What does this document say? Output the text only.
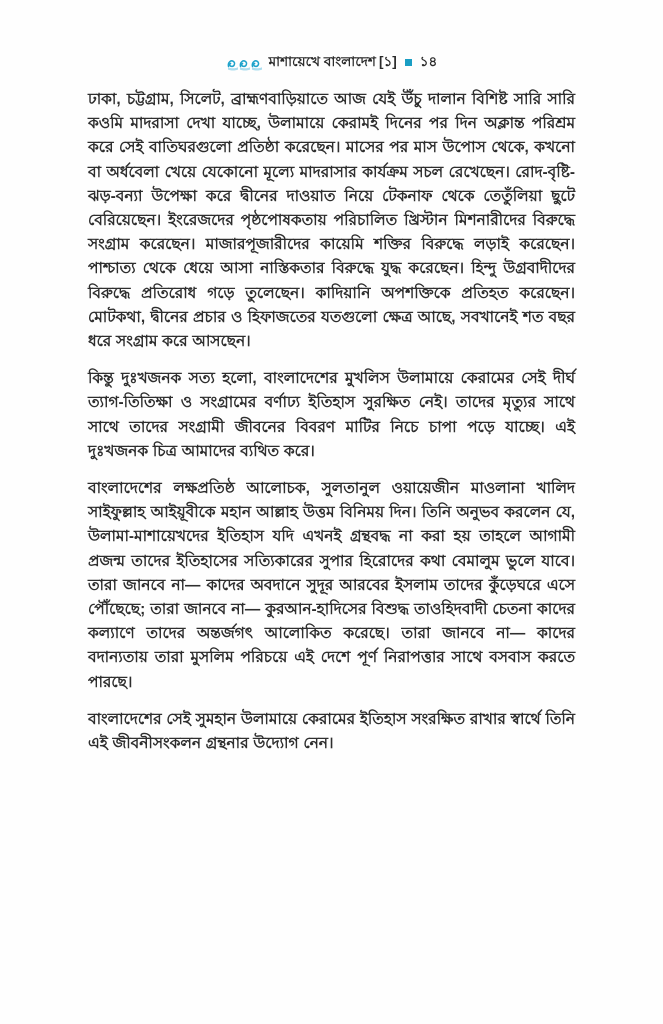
মাশায়েখে বাংলাদেশ [১] ১৪

ঢাকা, চট্টগ্রাম, সিলেট, ব্রাহ্মণবাড়িয়াতে আজ যেই উঁচু দালান বিশিষ্ট সারি সারি কওমি মাদরাসা দেখা যাচ্ছে, উলামায়ে কেরামই দিনের পর দিন অক্লান্ত পরিশ্রম করে সেই বাতিঘরগুলো প্রতিষ্ঠা করেছেন। মাসের পর মাস উপোস থেকে, কখনো বা অর্ধবেলা খেয়ে যেকোনো মূল্যে মাদরাসার কার্যক্রম সচল রেখেছেন। রোদ-বৃষ্টি-ঝড়-বন্যা উপেক্ষা করে দ্বীনের দাওয়াত নিয়ে টেকনাফ থেকে তেতুঁলিয়া ছুটে বেরিয়েছেন। ইংরেজদের পৃষ্ঠপোষকতায় পরিচালিত খ্রিস্টান মিশনারীদের বিরুদ্ধে সংগ্রাম করেছেন। মাজারপূজারীদের কায়েমি শক্তির বিরুদ্ধে লড়াই করেছেন। পাশ্চাত্য থেকে ধেয়ে আসা নাস্তিকতার বিরুদ্ধে যুদ্ধ করেছেন। হিন্দু উগ্রবাদীদের বিরুদ্ধে প্রতিরোধ গড়ে তুলেছেন। কাদিয়ানি অপশক্তিকে প্রতিহত করেছেন। মোটকথা, দ্বীনের প্রচার ও হিফাজতের যতগুলো ক্ষেত্র আছে, সবখানেই শত বছর ধরে সংগ্রাম করে আসছেন।

কিন্তু দুঃখজনক সত্য হলো, বাংলাদেশের মুখলিস উলামায়ে কেরামের সেই দীর্ঘ ত্যাগ-তিতিক্ষা ও সংগ্রামের বর্ণাঢ্য ইতিহাস সুরক্ষিত নেই। তাদের মৃত্যুর সাথে সাথে তাদের সংগ্রামী জীবনের বিবরণ মাটির নিচে চাপা পড়ে যাচ্ছে। এই দুঃখজনক চিত্র আমাদের ব্যথিত করে।

বাংলাদেশের লক্ষপ্রতিষ্ঠ আলোচক, সুলতানুল ওয়ায়েজীন মাওলানা খালিদ সাইফুল্লাহ আইয়ূবীকে মহান আল্লাহ উত্তম বিনিময় দিন। তিনি অনুভব করলেন যে, উলামা-মাশায়েখদের ইতিহাস যদি এখনই গ্রন্থবদ্ধ না করা হয় তাহলে আগামী প্রজন্ম তাদের ইতিহাসের সত্যিকারের সুপার হিরোদের কথা বেমালুম ভুলে যাবে। তারা জানবে না— কাদের অবদানে সুদূর আরবের ইসলাম তাদের কুঁড়েঘরে এসে পৌঁছেছে; তারা জানবে না— কুরআন-হাদিসের বিশুদ্ধ তাওহিদবাদী চেতনা কাদের কল্যাণে তাদের অন্তর্জগৎ আলোকিত করেছে। তারা জানবে না— কাদের বদান্যতায় তারা মুসলিম পরিচয়ে এই দেশে পূর্ণ নিরাপত্তার সাথে বসবাস করতে পারছে।

বাংলাদেশের সেই সুমহান উলামায়ে কেরামের ইতিহাস সংরক্ষিত রাখার স্বার্থে তিনি এই জীবনীসংকলন গ্রন্থনার উদ্যোগ নেন।
